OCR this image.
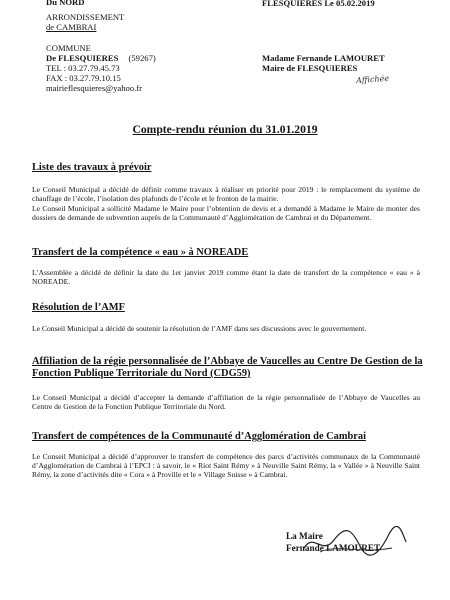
Du NORD
ARRONDISSEMENT
de CAMBRAI
COMMUNE
De FLESQUIERES (59267)
TEL : 03.27.79.45.73
FAX : 03.27.79.10.15
mairieflesquieres@yahoo.fr
FLESQUIERES Le 05.02.2019
Madame Fernande LAMOURET
Maire de FLESQUIERES
Affichée
Compte-rendu réunion du 31.01.2019
Liste des travaux à prévoir
Le Conseil Municipal a décidé de définir comme travaux à réaliser en priorité pour 2019 : le remplacement du système de chauffage de l’école, l’isolation des plafonds de l’école et le fronton de la mairie.
Le Conseil Municipal a sollicité Madame le Maire pour l’obtention de devis et a demandé à Madame le Maire de monter des dossiers de demande de subvention auprès de la Communauté d’Agglomération de Cambrai et du Département.
Transfert de la compétence « eau » à NOREADE
L’Assemblée a décidé de définir la date du 1er janvier 2019 comme étant la date de transfert de la compétence « eau » à NOREADE.
Résolution de l’AMF
Le Conseil Municipal a décidé de soutenir la résolution de l’AMF dans ses discussions avec le gouvernement.
Affiliation de la régie personnalisée de l’Abbaye de Vaucelles au Centre De Gestion de la Fonction Publique Territoriale du Nord (CDG59)
Le Conseil Municipal a décidé d’accepter la demande d’affiliation de la régie personnalisée de l’Abbaye de Vaucelles au Centre de Gestion de la Fonction Publique Territoriale du Nord.
Transfert de compétences de la Communauté d’Agglomération de Cambrai
Le Conseil Municipal a décidé d’approuver le transfert de compétence des parcs d’activités communaux de la Communauté d’Agglomération de Cambrai à l’EPCI : à savoir, le « Riot Saint Rémy » à Neuville Saint Rémy, la « Vallée » à Neuville Saint Rémy, la zone d’activités dite « Cora » à Proville et le « Village Suisse » à Cambrai.
La Maire
Fernande LAMOURET
